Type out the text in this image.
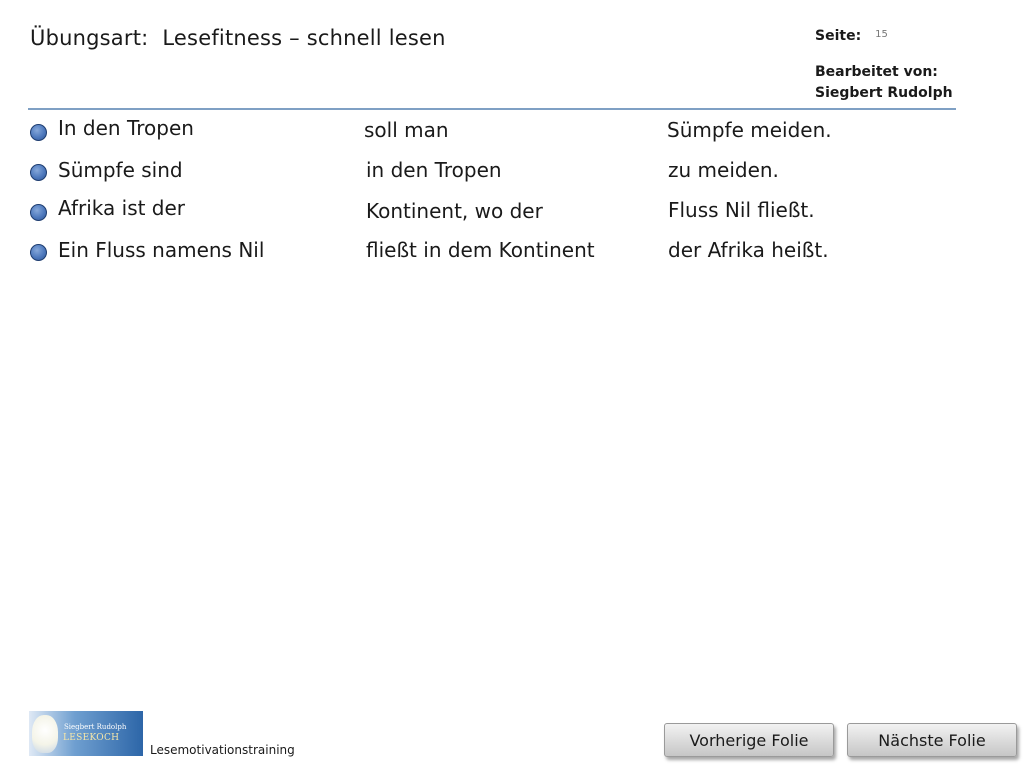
Übungsart: Lesefitness – schnell lesen	Seite: 15
Bearbeitet von:
Siegbert Rudolph
In den Tropen	soll man	Sümpfe meiden.
Sümpfe sind	in den Tropen	zu meiden.
Afrika ist der	Kontinent, wo der	Fluss Nil fließt.
Ein Fluss namens Nil	fließt in dem Kontinent	der Afrika heißt.
Siegbert Rudolph
LESEKOCH
Lesemotivationstraining
Vorherige Folie	Nächste Folie
